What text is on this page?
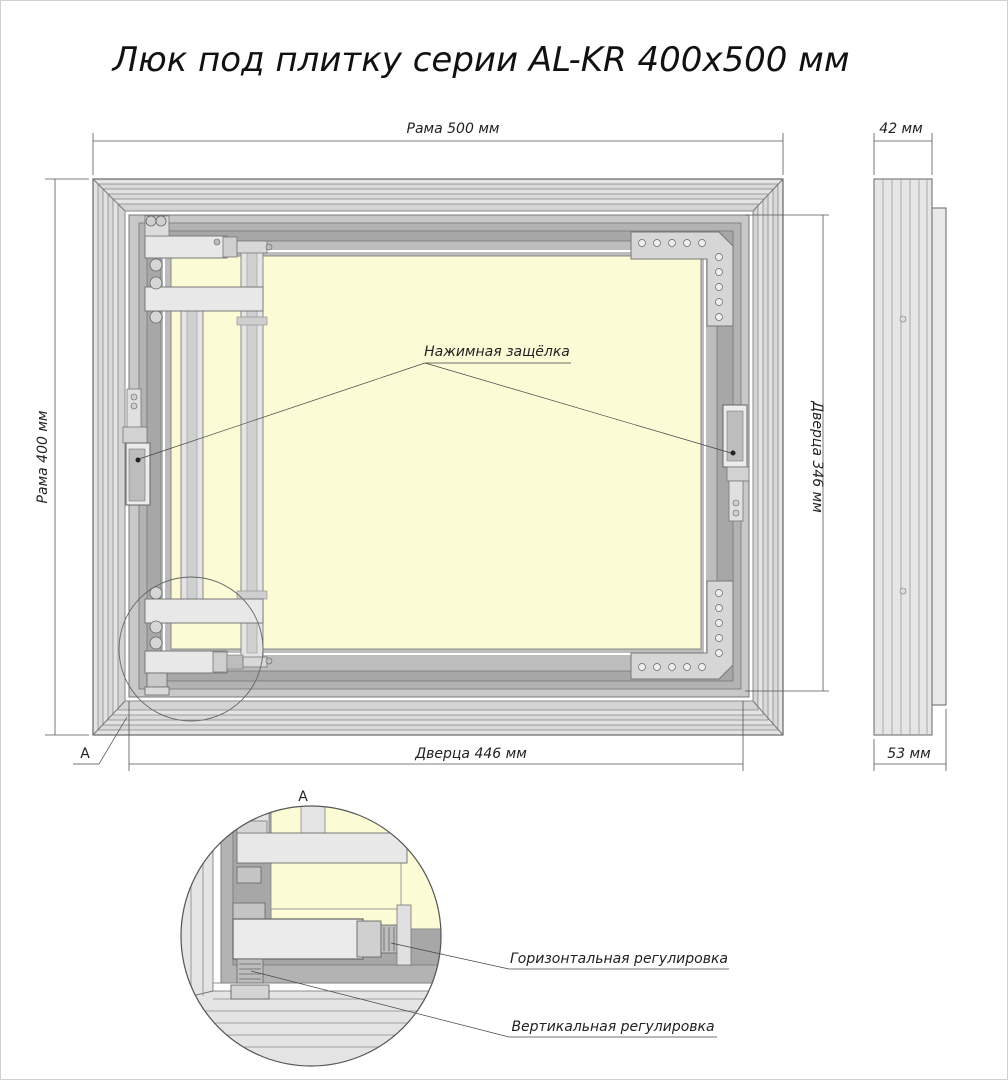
Люк под плитку серии AL-KR 400х500 мм
Рама 500 мм
Рама 400 мм
Дверца 446 мм
Дверца 346 мм
А
Нажимная защёлка
42 мм
53 мм
А
Горизонтальная регулировка
Вертикальная регулировка
